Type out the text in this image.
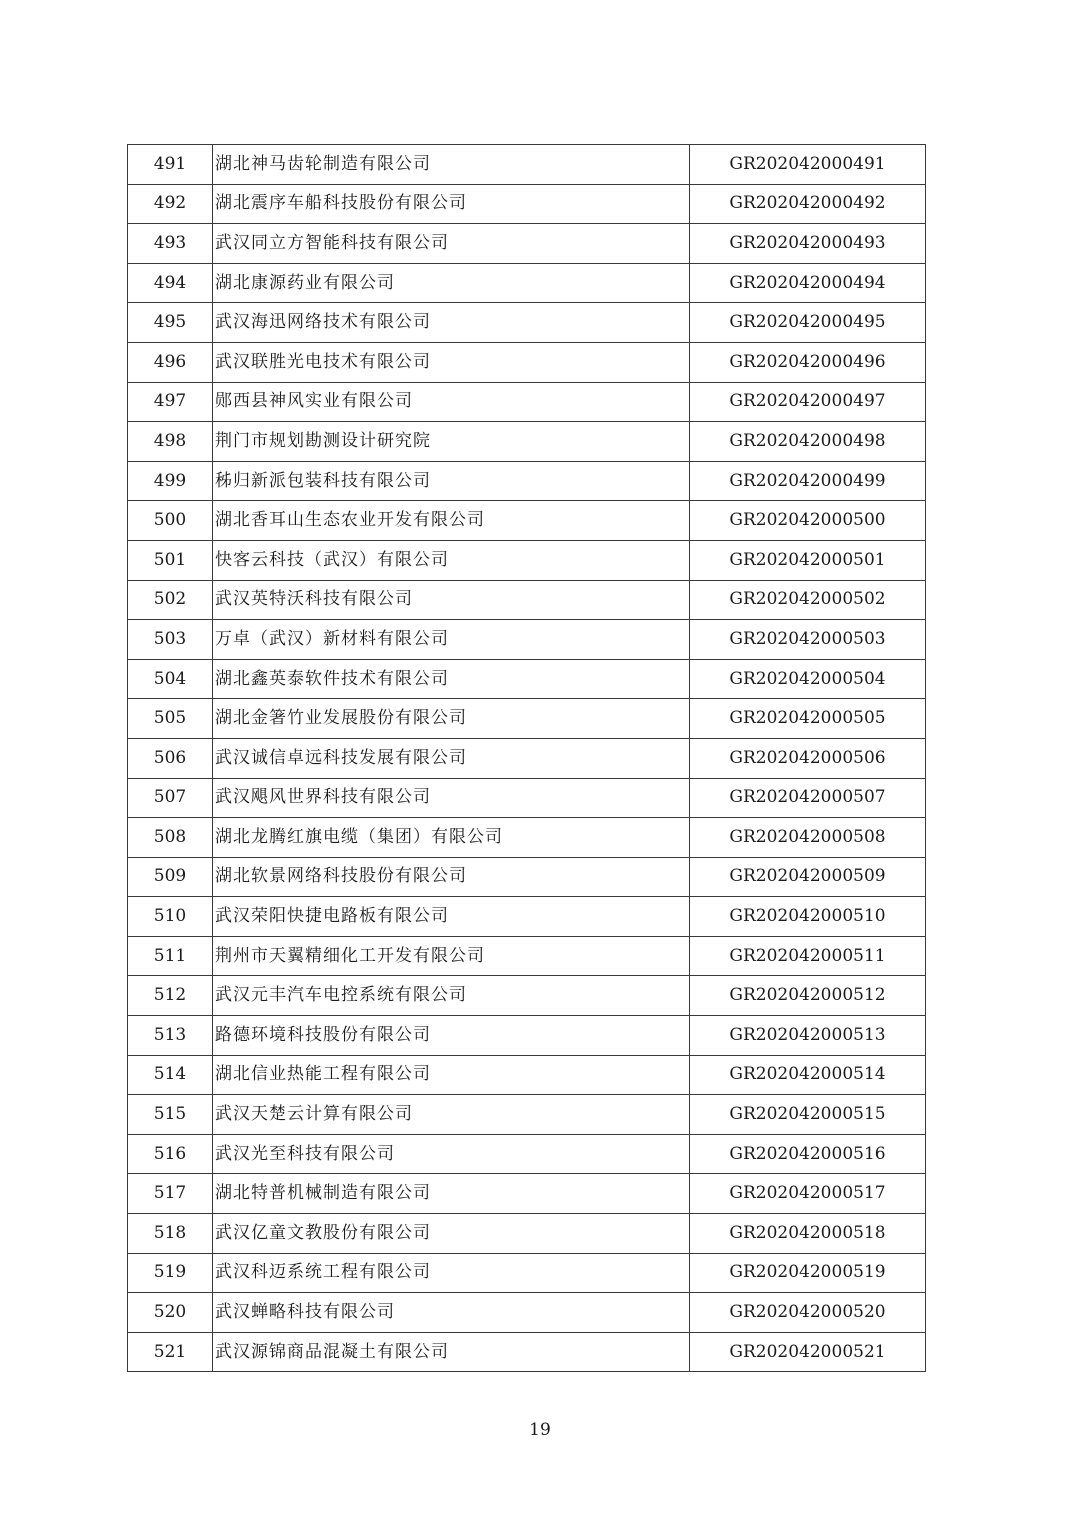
491	湖北神马齿轮制造有限公司	GR202042000491
492	湖北震序车船科技股份有限公司	GR202042000492
493	武汉同立方智能科技有限公司	GR202042000493
494	湖北康源药业有限公司	GR202042000494
495	武汉海迅网络技术有限公司	GR202042000495
496	武汉联胜光电技术有限公司	GR202042000496
497	郧西县神风实业有限公司	GR202042000497
498	荆门市规划勘测设计研究院	GR202042000498
499	秭归新派包装科技有限公司	GR202042000499
500	湖北香耳山生态农业开发有限公司	GR202042000500
501	快客云科技（武汉）有限公司	GR202042000501
502	武汉英特沃科技有限公司	GR202042000502
503	万卓（武汉）新材料有限公司	GR202042000503
504	湖北鑫英泰软件技术有限公司	GR202042000504
505	湖北金箸竹业发展股份有限公司	GR202042000505
506	武汉诚信卓远科技发展有限公司	GR202042000506
507	武汉飓风世界科技有限公司	GR202042000507
508	湖北龙腾红旗电缆（集团）有限公司	GR202042000508
509	湖北软景网络科技股份有限公司	GR202042000509
510	武汉荣阳快捷电路板有限公司	GR202042000510
511	荆州市天翼精细化工开发有限公司	GR202042000511
512	武汉元丰汽车电控系统有限公司	GR202042000512
513	路德环境科技股份有限公司	GR202042000513
514	湖北信业热能工程有限公司	GR202042000514
515	武汉天楚云计算有限公司	GR202042000515
516	武汉光至科技有限公司	GR202042000516
517	湖北特普机械制造有限公司	GR202042000517
518	武汉亿童文教股份有限公司	GR202042000518
519	武汉科迈系统工程有限公司	GR202042000519
520	武汉蝉略科技有限公司	GR202042000520
521	武汉源锦商品混凝土有限公司	GR202042000521
19
